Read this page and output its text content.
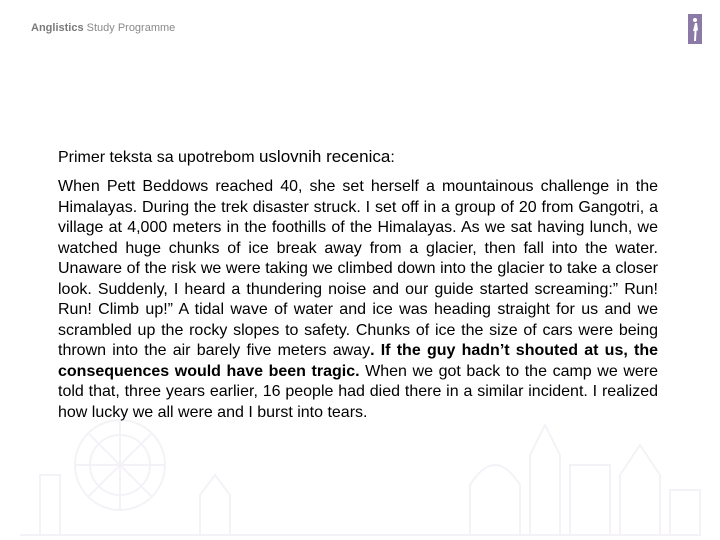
Anglistics Study Programme

Primer teksta sa upotrebom uslovnih recenica:

When Pett Beddows reached 40, she set herself a mountainous challenge in the Himalayas. During the trek disaster struck. I set off in a group of 20 from Gangotri, a village at 4,000 meters in the foothills of the Himalayas. As we sat having lunch, we watched huge chunks of ice break away from a glacier, then fall into the water. Unaware of the risk we were taking we climbed down into the glacier to take a closer look. Suddenly, I heard a thundering noise and our guide started screaming:” Run! Run! Climb up!” A tidal wave of water and ice was heading straight for us and we scrambled up the rocky slopes to safety. Chunks of ice the size of cars were being thrown into the air barely five meters away. If the guy hadn’t shouted at us, the consequences would have been tragic. When we got back to the camp we were told that, three years earlier, 16 people had died there in a similar incident. I realized how lucky we all were and I burst into tears.
